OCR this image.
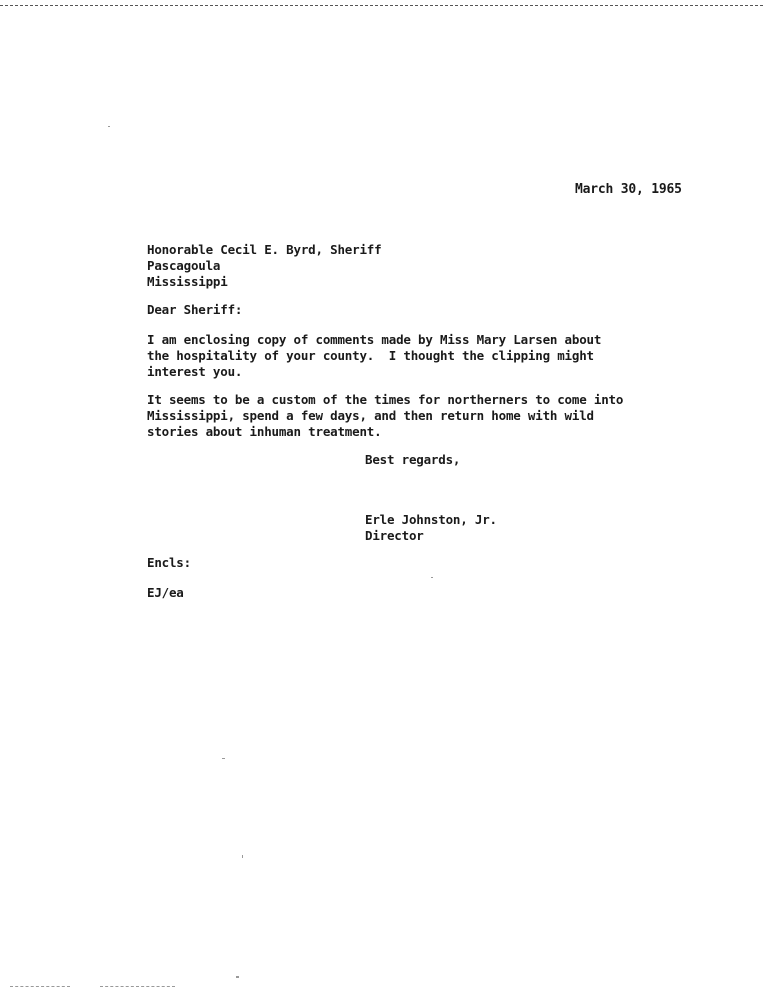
March 30, 1965
Honorable Cecil E. Byrd, Sheriff
Pascagoula
Mississippi
Dear Sheriff:
I am enclosing copy of comments made by Miss Mary Larsen about
the hospitality of your county.  I thought the clipping might
interest you.
It seems to be a custom of the times for northerners to come into
Mississippi, spend a few days, and then return home with wild
stories about inhuman treatment.
Best regards,
Erle Johnston, Jr.
Director
Encls:
EJ/ea
